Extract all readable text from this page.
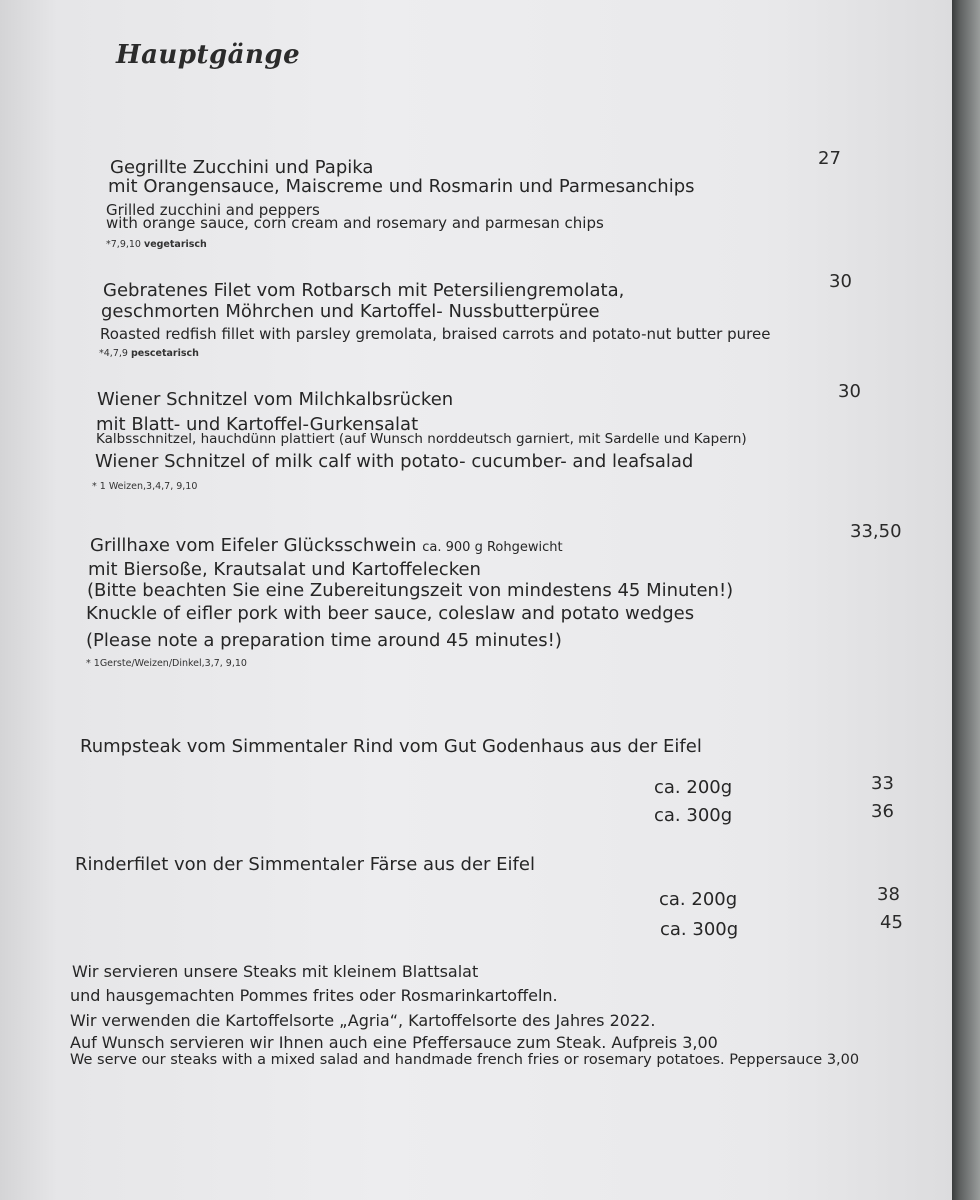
Hauptgänge
27
Gegrillte Zucchini und Papika
mit Orangensauce, Maiscreme und Rosmarin und Parmesanchips
Grilled zucchini and peppers
with orange sauce, corn cream and rosemary and parmesan chips
*7,9,10 vegetarisch
30
Gebratenes Filet vom Rotbarsch mit Petersiliengremolata,
geschmorten Möhrchen und Kartoffel- Nussbutterpüree
Roasted redfish fillet with parsley gremolata, braised carrots and potato-nut butter puree
*4,7,9 pescetarisch
30
Wiener Schnitzel vom Milchkalbsrücken
mit Blatt- und Kartoffel-Gurkensalat
Kalbsschnitzel, hauchdünn plattiert (auf Wunsch norddeutsch garniert, mit Sardelle und Kapern)
Wiener Schnitzel of milk calf with potato- cucumber- and leafsalad
* 1 Weizen,3,4,7, 9,10
33,50
Grillhaxe vom Eifeler Glücksschwein ca. 900 g Rohgewicht
mit Biersoße, Krautsalat und Kartoffelecken
(Bitte beachten Sie eine Zubereitungszeit von mindestens 45 Minuten!)
Knuckle of eifler pork with beer sauce, coleslaw and potato wedges
(Please note a preparation time around 45 minutes!)
* 1Gerste/Weizen/Dinkel,3,7, 9,10
Rumpsteak vom Simmentaler Rind vom Gut Godenhaus aus der Eifel
ca. 200g	33
ca. 300g	36
Rinderfilet von der Simmentaler Färse aus der Eifel
ca. 200g	38
ca. 300g	45
Wir servieren unsere Steaks mit kleinem Blattsalat
und hausgemachten Pommes frites oder Rosmarinkartoffeln.
Wir verwenden die Kartoffelsorte „Agria“, Kartoffelsorte des Jahres 2022.
Auf Wunsch servieren wir Ihnen auch eine Pfeffersauce zum Steak. Aufpreis 3,00
We serve our steaks with a mixed salad and handmade french fries or rosemary potatoes. Peppersauce 3,00
